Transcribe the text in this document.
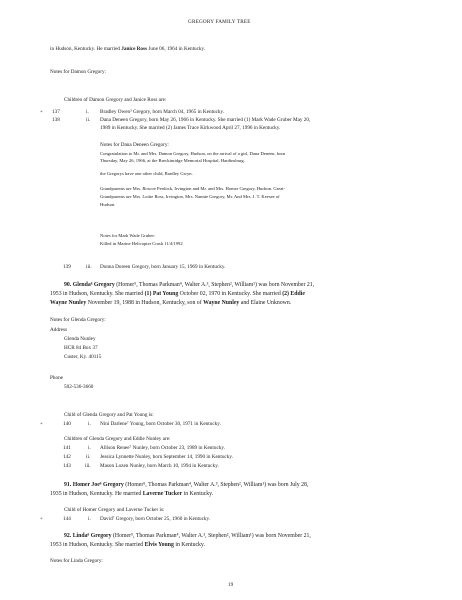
GREGORY FAMILY TREE
in Hudson, Kentucky. He married Janice Ross June 06, 1964 in Kentucky.
Notes for Damon Gregory:
Children of Damon Gregory and Janice Ross are:
+ 137	i. Bradley Owen³ Gregory, born March 04, 1965 in Kentucky.
138	ii. Dana Deneen Gregory, born May 26, 1966 in Kentucky. She married (1) Mark Wade Gruber May 20,
1989 in Kentucky. She married (2) James Trace Kirkwood April 27, 1996 in Kentucky.
Notes for Dana Deneen Gregory:
Congratulation to Mr. and Mrs. Damon Gregory, Hudson, on the arrival of a girl, Dana Deneen, born
Thursday, May 26, 1966, at the Breckinridge Memorial Hospital, Hardinsburg.
the Gregorys have one other child, Bradley Gwyn.
Grandparents are Mrs. Roscoe Perdock, Irvington and Mr. and Mrs. Homer Gregory, Hudson. Great-
Grandparents are Mrs. Lottie Ross, Irvington, Mrs. Nannie Gregory, Mr. And Mrs. J. T. Keesee of
Hudson.
Notes for Mark Wade Gruber:
Killed in Marine Helicopter Crash 11/4/1992
139	iii. Donna Doreen Gregory, born January 15, 1969 in Kentucky.
90. Glenda⁶ Gregory (Homer⁵, Thomas Parkman⁴, Walter A.³, Stephen², William¹) was born November 21,
1953 in Hudson, Kentucky. She married (1) Pat Young October 02, 1970 in Kentucky. She married (2) Eddie
Wayne Nunley November 19, 1988 in Hudson, Kentucky, son of Wayne Nunley and Elaine Unknown.
Notes for Glenda Gregory:
Address
Glenda Nunley
HCR 84 Box 37
Custer, Ky. 40115
Phone
502-536-3660
Child of Glenda Gregory and Pat Young is:
+	140	i. Nini Darlene⁷ Young, born October 30, 1971 in Kentucky.
Children of Glenda Gregory and Eddie Nunley are:
141	i. Allison Renee⁷ Nunley, born October 23, 1989 in Kentucky.
142	ii. Jessica Lynnette Nunley, born September 14, 1990 in Kentucky.
143	iii. Mason Lozen Nunley, born March 10, 1994 in Kentucky.
91. Homer Joe⁶ Gregory (Homer⁵, Thomas Parkman⁴, Walter A.³, Stephen², William¹) was born July 28,
1935 in Hudson, Kentucky. He married Laverne Tucker in Kentucky.
Child of Homer Gregory and Laverne Tucker is:
+	144	i. David⁷ Gregory, born October 25, 1960 in Kentucky.
92. Linda⁶ Gregory (Homer⁵, Thomas Parkman⁴, Walter A.³, Stephen², William¹) was born November 21,
1953 in Hudson, Kentucky. She married Elvis Young in Kentucky.
Notes for Linda Gregory:
19
